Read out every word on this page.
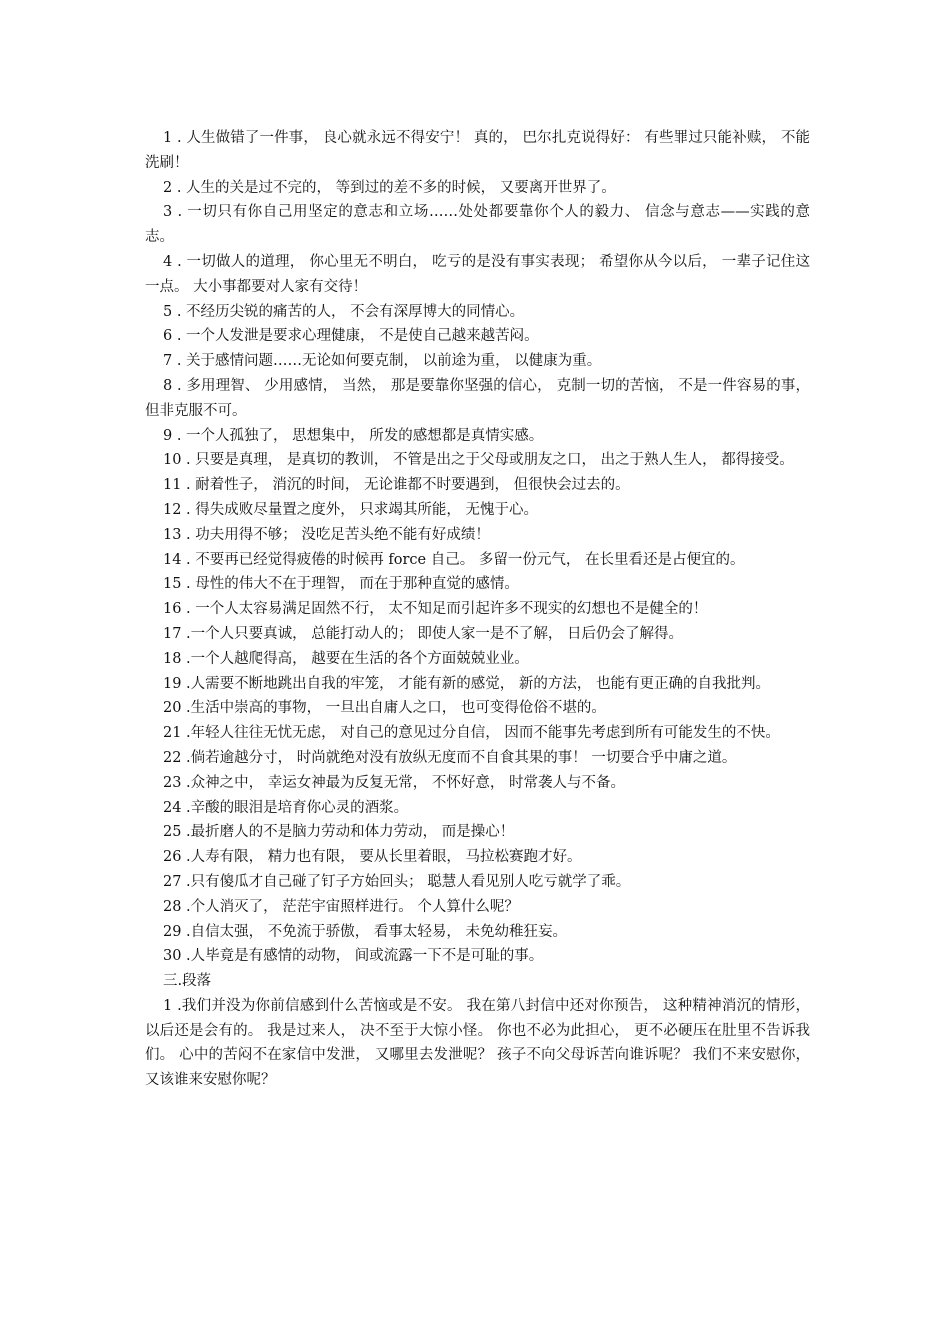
1 . 人生做错了一件事， 良心就永远不得安宁！ 真的， 巴尔扎克说得好： 有些罪过只能补赎， 不能洗刷！

2 . 人生的关是过不完的， 等到过的差不多的时候， 又要离开世界了。

3 . 一切只有你自己用坚定的意志和立场……处处都要靠你个人的毅力、 信念与意志——实践的意志。

4 . 一切做人的道理， 你心里无不明白， 吃亏的是没有事实表现； 希望你从今以后， 一辈子记住这一点。 大小事都要对人家有交待！

5 . 不经历尖锐的痛苦的人， 不会有深厚博大的同情心。

6 . 一个人发泄是要求心理健康， 不是使自己越来越苦闷。

7 . 关于感情问题……无论如何要克制， 以前途为重， 以健康为重。

8 . 多用理智、 少用感情， 当然， 那是要靠你坚强的信心， 克制一切的苦恼， 不是一件容易的事， 但非克服不可。

9 . 一个人孤独了， 思想集中， 所发的感想都是真情实感。

10 . 只要是真理， 是真切的教训， 不管是出之于父母或朋友之口， 出之于熟人生人， 都得接受。

11 . 耐着性子， 消沉的时间， 无论谁都不时要遇到， 但很快会过去的。

12 . 得失成败尽量置之度外， 只求竭其所能， 无愧于心。

13 . 功夫用得不够； 没吃足苦头绝不能有好成绩！

14 . 不要再已经觉得疲倦的时候再 force 自己。 多留一份元气， 在长里看还是占便宜的。

15 . 母性的伟大不在于理智， 而在于那种直觉的感情。

16 . 一个人太容易满足固然不行， 太不知足而引起许多不现实的幻想也不是健全的！

17 .一个人只要真诚， 总能打动人的； 即使人家一是不了解， 日后仍会了解得。

18 .一个人越爬得高， 越要在生活的各个方面兢兢业业。

19 .人需要不断地跳出自我的牢笼， 才能有新的感觉， 新的方法， 也能有更正确的自我批判。

20 .生活中崇高的事物， 一旦出自庸人之口， 也可变得伧俗不堪的。

21 .年轻人往往无忧无虑， 对自己的意见过分自信， 因而不能事先考虑到所有可能发生的不快。

22 .倘若逾越分寸， 时尚就绝对没有放纵无度而不自食其果的事！ 一切要合乎中庸之道。

23 .众神之中， 幸运女神最为反复无常， 不怀好意， 时常袭人与不备。

24 .辛酸的眼泪是培育你心灵的酒浆。

25 .最折磨人的不是脑力劳动和体力劳动， 而是操心！

26 .人寿有限， 精力也有限， 要从长里着眼， 马拉松赛跑才好。

27 .只有傻瓜才自己碰了钉子方始回头； 聪慧人看见别人吃亏就学了乖。

28 .个人消灭了， 茫茫宇宙照样进行。 个人算什么呢？

29 .自信太强， 不免流于骄傲， 看事太轻易， 未免幼稚狂妄。

30 .人毕竟是有感情的动物， 间或流露一下不是可耻的事。

三.段落

1 .我们并没为你前信感到什么苦恼或是不安。 我在第八封信中还对你预告， 这种精神消沉的情形， 以后还是会有的。 我是过来人， 决不至于大惊小怪。 你也不必为此担心， 更不必硬压在肚里不告诉我们。 心中的苦闷不在家信中发泄， 又哪里去发泄呢？ 孩子不向父母诉苦向谁诉呢？ 我们不来安慰你， 又该谁来安慰你呢？
